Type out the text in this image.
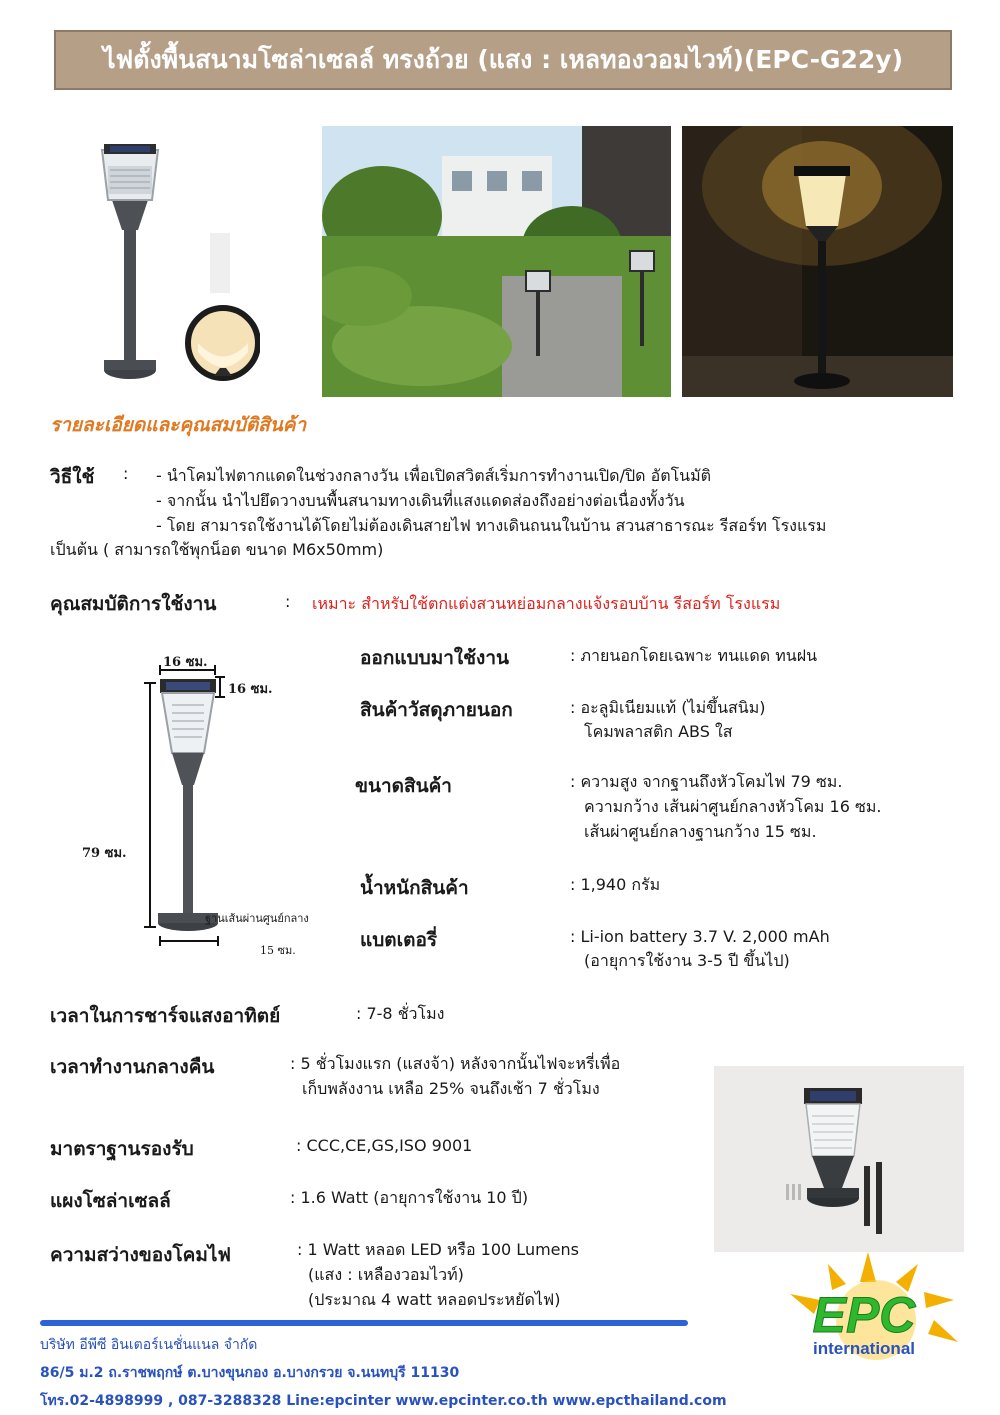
ไฟตั้งพื้นสนามโซล่าเซลล์ ทรงถ้วย (แสง : เหลทองวอมไวท์)(EPC-G22y)
รายละเอียดและคุณสมบัติสินค้า
วิธีใช้ : - นำโคมไฟตากแดดในช่วงกลางวัน เพื่อเปิดสวิตส์เริ่มการทำงานเปิด/ปิด อัตโนมัติ
- จากนั้น นำไปยึดวางบนพื้นสนามทางเดินที่แสงแดดส่องถึงอย่างต่อเนื่องทั้งวัน
- โดย สามารถใช้งานได้โดยไม่ต้องเดินสายไฟ ทางเดินถนนในบ้าน สวนสาธารณะ รีสอร์ท โรงแรม
เป็นต้น ( สามารถใช้พุกน็อต ขนาด M6x50mm)
คุณสมบัติการใช้งาน	: เหมาะ สำหรับใช้ตกแต่งสวนหย่อมกลางแจ้งรอบบ้าน รีสอร์ท โรงแรม
16 ซม.
16 ซม.
79 ซม.
ฐานเส้นผ่านศูนย์กลาง
15 ซม.
ออกแบบมาใช้งาน	: ภายนอกโดยเฉพาะ ทนแดด ทนฝน
สินค้าวัสดุภายนอก	: อะลูมิเนียมแท้ (ไม่ขึ้นสนิม)
โคมพลาสติก ABS ใส
ขนาดสินค้า	: ความสูง จากฐานถึงหัวโคมไฟ 79 ซม.
ความกว้าง เส้นผ่าศูนย์กลางหัวโคม 16 ซม.
เส้นผ่าศูนย์กลางฐานกว้าง 15 ซม.
น้ำหนักสินค้า	: 1,940 กรัม
แบตเตอรี่	: Li-ion battery 3.7 V. 2,000 mAh
(อายุการใช้งาน 3-5 ปี ขึ้นไป)
เวลาในการชาร์จแสงอาทิตย์	: 7-8 ชั่วโมง
เวลาทำงานกลางคืน	: 5 ชั่วโมงแรก (แสงจ้า) หลังจากนั้นไฟจะหรี่เพื่อ
เก็บพลังงาน เหลือ 25% จนถึงเช้า 7 ชั่วโมง
มาตราฐานรองรับ	: CCC,CE,GS,ISO 9001
แผงโซล่าเซลล์	: 1.6 Watt (อายุการใช้งาน 10 ปี)
ความสว่างของโคมไฟ	: 1 Watt หลอด LED หรือ 100 Lumens
(แสง : เหลืองวอมไวท์)
(ประมาณ 4 watt หลอดประหยัดไฟ)	EPC
international
บริษัท อีพีซี อินเตอร์เนชั่นแนล จำกัด
86/5 ม.2 ถ.ราชพฤกษ์ ต.บางขุนกอง อ.บางกรวย จ.นนทบุรี 11130
โทร.02-4898999 , 087-3288328 Line:epcinter www.epcinter.co.th www.epcthailand.com
